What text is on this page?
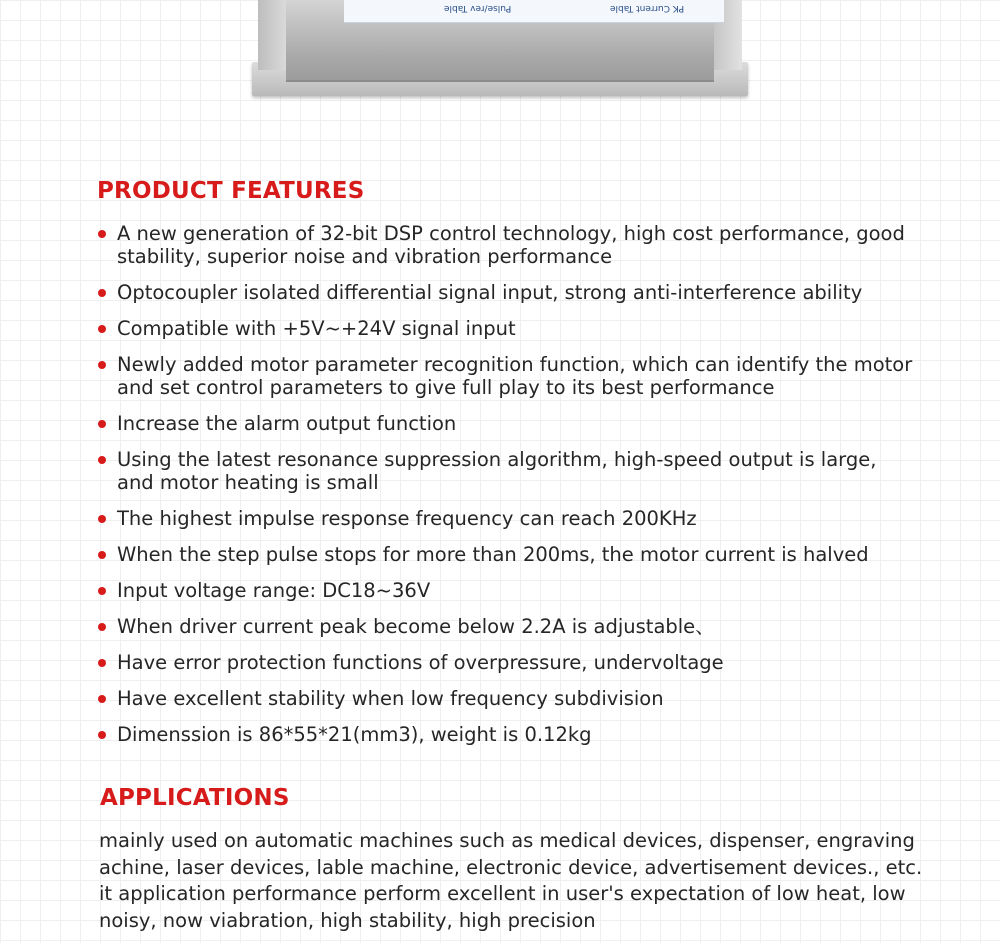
Pulse/rev Table	PK Current Table
PRODUCT FEATURES
A new generation of 32-bit DSP control technology, high cost performance, good stability, superior noise and vibration performance
Optocoupler isolated differential signal input, strong anti-interference ability
Compatible with +5V~+24V signal input
Newly added motor parameter recognition function, which can identify the motor and set control parameters to give full play to its best performance
Increase the alarm output function
Using the latest resonance suppression algorithm, high-speed output is large, and motor heating is small
The highest impulse response frequency can reach 200KHz
When the step pulse stops for more than 200ms, the motor current is halved
Input voltage range: DC18~36V
When driver current peak become below 2.2A is adjustable、
Have error protection functions of overpressure, undervoltage
Have excellent stability when low frequency subdivision
Dimenssion is 86*55*21(mm3), weight is 0.12kg
APPLICATIONS

mainly used on automatic machines such as medical devices, dispenser, engraving achine, laser devices, lable machine, electronic device, advertisement devices., etc. it application performance perform excellent in user's expectation of low heat, low noisy, now viabration, high stability, high precision
